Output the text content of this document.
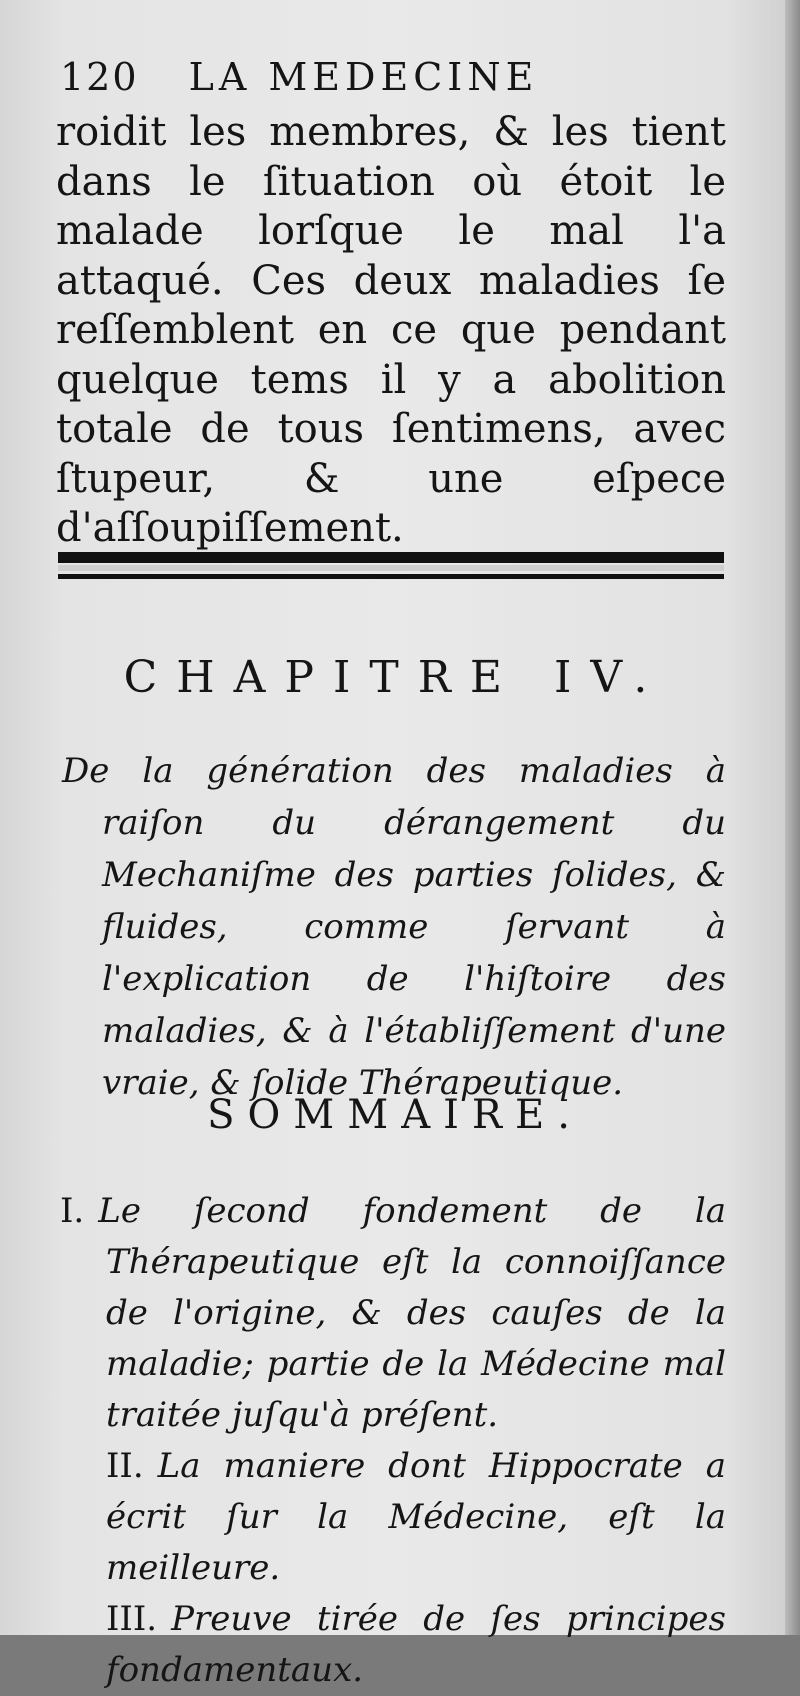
120 LA MEDECINE
roidit les membres, & les tient dans le ſituation où étoit le malade lorſque le mal l'a attaqué. Ces deux maladies ſe reſſemblent en ce que pendant quelque tems il y a abolition totale de tous ſentimens, avec ſtupeur, & une eſpece d'aſſoupiſſement.
CHAPITRE IV.
De la génération des maladies à raiſon du dérangement du Mechaniſme des parties ſolides, & fluides, comme ſervant à l'explication de l'hiſtoire des maladies, & à l'établiſſement d'une vraie, & ſolide Thérapeutique.
SOMMAIRE.
I. Le ſecond fondement de la Thérapeutique eſt la connoiſſance de l'origine, & des cauſes de la maladie; partie de la Médecine mal traitée juſqu'à préſent.
II. La maniere dont Hippocrate a écrit ſur la Médecine, eſt la meilleure.
III. Preuve tirée de ſes principes fondamentaux.
